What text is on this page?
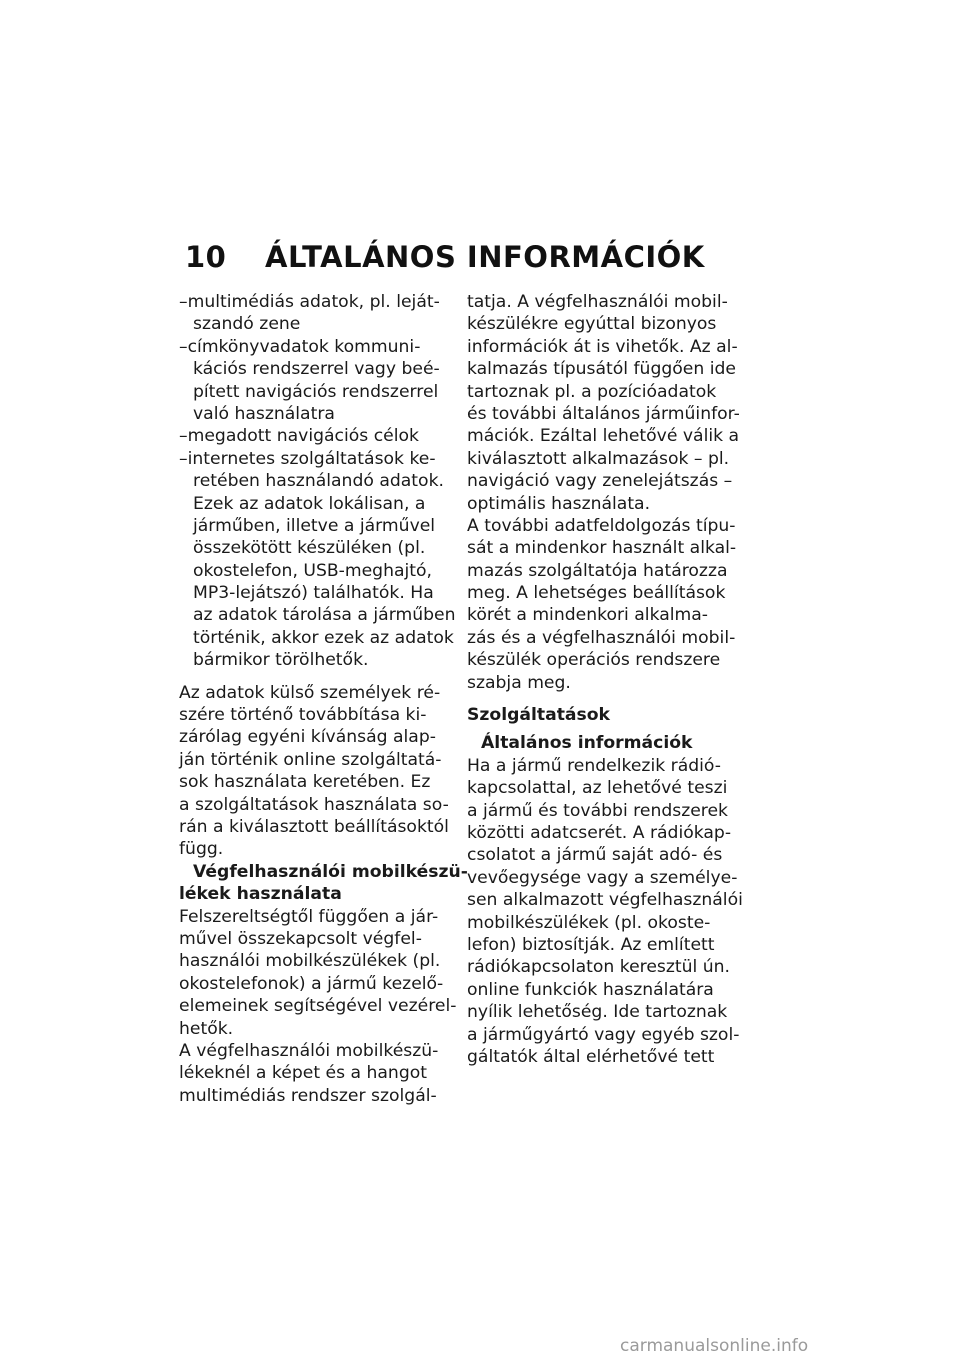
10 ÁLTALÁNOS INFORMÁCIÓK
–multimédiás adatok, pl. leját-
szandó zene
–címkönyvadatok kommuni-
kációs rendszerrel vagy beé-
pített navigációs rendszerrel
való használatra
–megadott navigációs célok
–internetes szolgáltatások ke-
retében használandó adatok.
Ezek az adatok lokálisan, a
járműben, illetve a járművel
összekötött készüléken (pl.
okostelefon, USB-meghajtó,
MP3-lejátszó) találhatók. Ha
az adatok tárolása a járműben
történik, akkor ezek az adatok
bármikor törölhetők.
Az adatok külső személyek ré-
szére történő továbbítása ki-
zárólag egyéni kívánság alap-
ján történik online szolgáltatá-
sok használata keretében. Ez
a szolgáltatások használata so-
rán a kiválasztott beállításoktól
függ.
Végfelhasználói mobilkészü-
lékek használata
Felszereltségtől függően a jár-
művel összekapcsolt végfel-
használói mobilkészülékek (pl.
okostelefonok) a jármű kezelő-
elemeinek segítségével vezérel-
hetők.
A végfelhasználói mobilkészü-
lékeknél a képet és a hangot
multimédiás rendszer szolgál-
tatja. A végfelhasználói mobil-
készülékre egyúttal bizonyos
információk át is vihetők. Az al-
kalmazás típusától függően ide
tartoznak pl. a pozícióadatok
és további általános járműinfor-
mációk. Ezáltal lehetővé válik a
kiválasztott alkalmazások – pl.
navigáció vagy zenelejátszás –
optimális használata.
A további adatfeldolgozás típu-
sát a mindenkor használt alkal-
mazás szolgáltatója határozza
meg. A lehetséges beállítások
körét a mindenkori alkalma-
zás és a végfelhasználói mobil-
készülék operációs rendszere
szabja meg.
Szolgáltatások
Általános információk
Ha a jármű rendelkezik rádió-
kapcsolattal, az lehetővé teszi
a jármű és további rendszerek
közötti adatcserét. A rádiókap-
csolatot a jármű saját adó- és
vevőegysége vagy a személye-
sen alkalmazott végfelhasználói
mobilkészülékek (pl. okoste-
lefon) biztosítják. Az említett
rádiókapcsolaton keresztül ún.
online funkciók használatára
nyílik lehetőség. Ide tartoznak
a járműgyártó vagy egyéb szol-
gáltatók által elérhetővé tett
carmanualsonline.info
